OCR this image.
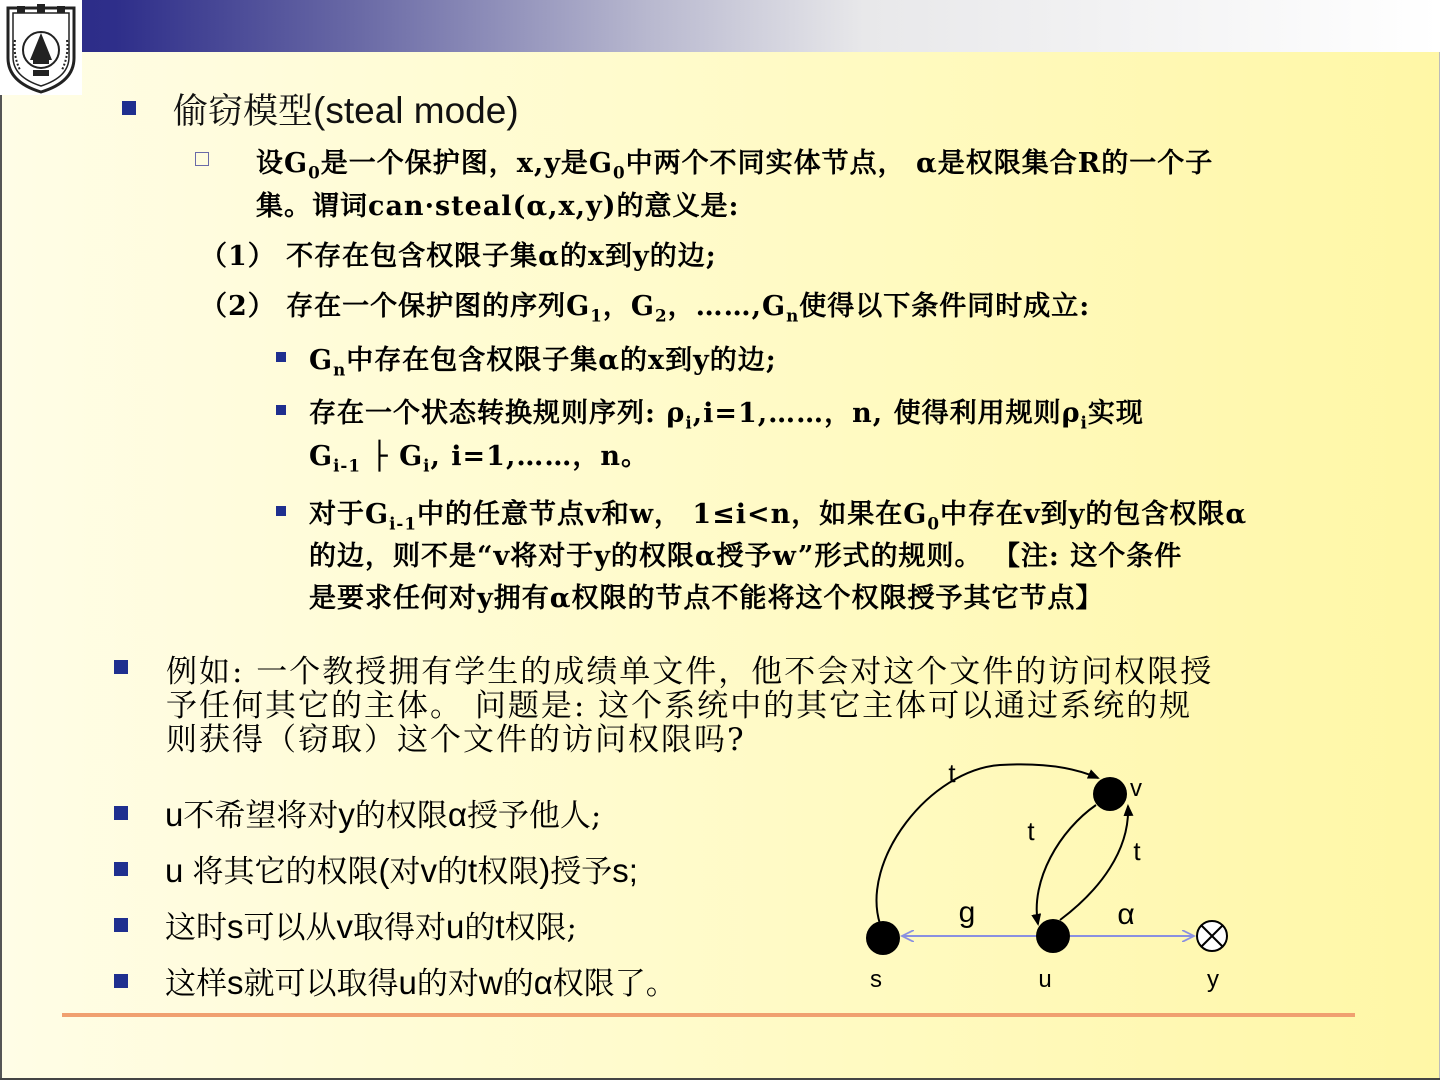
偷窃模型(steal mode)
设$G_0$是一个保护图，x,y是$G_0$中两个不同实体节点， α是权限集合R的一个子
集。谓词can·steal(α,x,y)的意义是:
（1） 不存在包含权限子集α的x到y的边;
（2） 存在一个保护图的序列$G_1$，$G_2$，$\dots\dots,G_n$使得以下条件同时成立:
$G_n$中存在包含权限子集α的x到y的边;
存在一个状态转换规则序列: $\rho_i,i=1,\dots\dots$，n, 使得利用规则$\rho_i$实现
$G_{i-1}$ ├ $G_i$, i=1,……，n。
对于$G_{i-1}$中的任意节点v和w， 1≤i<n，如果在$G_0$中存在v到y的包含权限α
的边，则不是“v将对于y的权限α授予w”形式的规则。 【注: 这个条件
是要求任何对y拥有α权限的节点不能将这个权限授予其它节点】
例如: 一个教授拥有学生的成绩单文件，他不会对这个文件的访问权限授
予任何其它的主体。 问题是: 这个系统中的其它主体可以通过系统的规
则获得（窃取）这个文件的访问权限吗?
u不希望将对y的权限α授予他人;
u 将其它的权限(对v的t权限)授予s;
这时s可以从v取得对u的t权限;
这样s就可以取得u的对w的α权限了。	s	u
v
y
t
t
t
g	α
